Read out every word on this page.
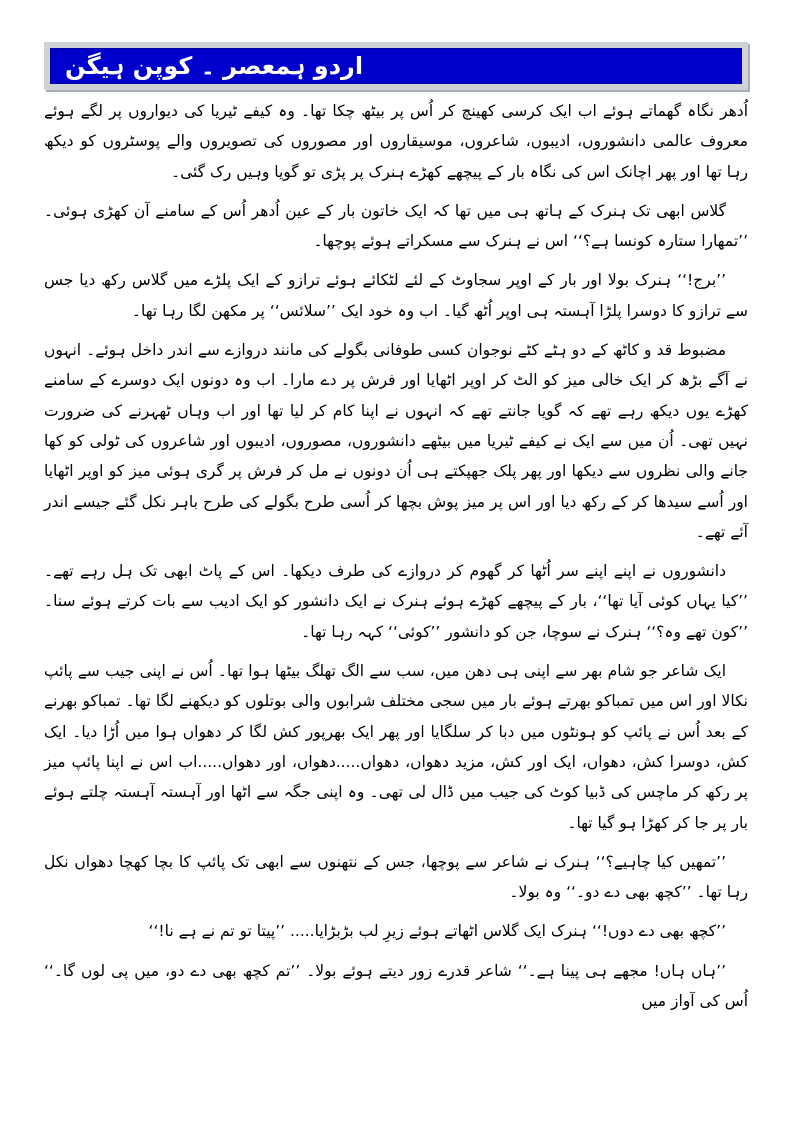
اردو ہمعصر ۔ کوپن ہیگن

اُدھر نگاہ گھماتے ہوئے اب ایک کرسی کھینچ کر اُس پر بیٹھ چکا تھا۔ وہ کیفے ٹیریا کی دیواروں پر لگے ہوئے معروف عالمی دانشوروں، ادیبوں، شاعروں، موسیقاروں اور مصوروں کی تصویروں والے پوسٹروں کو دیکھ رہا تھا اور پھر اچانک اس کی نگاہ بار کے پیچھے کھڑے ہنرک پر پڑی تو گویا وہیں رک گئی۔

گلاس ابھی تک ہنرک کے ہاتھ ہی میں تھا کہ ایک خاتون بار کے عین اُدھر اُس کے سامنے آن کھڑی ہوئی۔ ’’تمھارا ستارہ کونسا ہے؟‘‘ اس نے ہنرک سے مسکراتے ہوئے پوچھا۔

’’برج!‘‘ ہنرک بولا اور بار کے اوپر سجاوٹ کے لئے لٹکائے ہوئے ترازو کے ایک پلڑے میں گلاس رکھ دیا جس سے ترازو کا دوسرا پلڑا آہستہ ہی اوپر اُٹھ گیا۔ اب وہ خود ایک ’’سلائس‘‘ پر مکھن لگا رہا تھا۔

مضبوط قد و کاٹھ کے دو ہٹے کٹے نوجوان کسی طوفانی بگولے کی مانند دروازے سے اندر داخل ہوئے۔ انہوں نے آگے بڑھ کر ایک خالی میز کو الٹ کر اوپر اٹھایا اور فرش پر دے مارا۔ اب وہ دونوں ایک دوسرے کے سامنے کھڑے یوں دیکھ رہے تھے کہ گویا جانتے تھے کہ انہوں نے اپنا کام کر لیا تھا اور اب وہاں ٹھہرنے کی ضرورت نہیں تھی۔ اُن میں سے ایک نے کیفے ٹیریا میں بیٹھے دانشوروں، مصوروں، ادیبوں اور شاعروں کی ٹولی کو کھا جانے والی نظروں سے دیکھا اور پھر پلک جھپکتے ہی اُن دونوں نے مل کر فرش پر گری ہوئی میز کو اوپر اٹھایا اور اُسے سیدھا کر کے رکھ دیا اور اس پر میز پوش بچھا کر اُسی طرح بگولے کی طرح باہر نکل گئے جیسے اندر آئے تھے۔

دانشوروں نے اپنے اپنے سر اُٹھا کر گھوم کر دروازے کی طرف دیکھا۔ اس کے پاٹ ابھی تک ہل رہے تھے۔ ’’کیا یہاں کوئی آیا تھا‘‘، بار کے پیچھے کھڑے ہوئے ہنرک نے ایک دانشور کو ایک ادیب سے بات کرتے ہوئے سنا۔ ’’کون تھے وہ؟‘‘ ہنرک نے سوچا، جن کو دانشور ’’کوئی‘‘ کہہ رہا تھا۔

ایک شاعر جو شام بھر سے اپنی ہی دھن میں، سب سے الگ تھلگ بیٹھا ہوا تھا۔ اُس نے اپنی جیب سے پائپ نکالا اور اس میں تمباکو بھرتے ہوئے بار میں سجی مختلف شرابوں والی بوتلوں کو دیکھنے لگا تھا۔ تمباکو بھرنے کے بعد اُس نے پائپ کو ہونٹوں میں دبا کر سلگایا اور پھر ایک بھرپور کش لگا کر دھواں ہوا میں اُڑا دیا۔ ایک کش، دوسرا کش، دھواں، ایک اور کش، مزید دھواں، دھواں.....دھواں، اور دھواں.....اب اس نے اپنا پائپ میز پر رکھ کر ماچس کی ڈبیا کوٹ کی جیب میں ڈال لی تھی۔ وہ اپنی جگہ سے اٹھا اور آہستہ آہستہ چلتے ہوئے بار پر جا کر کھڑا ہو گیا تھا۔

’’تمھیں کیا چاہیے؟‘‘ ہنرک نے شاعر سے پوچھا، جس کے نتھنوں سے ابھی تک پائپ کا بچا کھچا دھواں نکل رہا تھا۔ ’’کچھ بھی دے دو۔‘‘ وہ بولا۔

’’کچھ بھی دے دوں!‘‘ ہنرک ایک گلاس اٹھاتے ہوئے زیرِ لب بڑبڑایا..... ’’پیتا تو تم نے ہے نا!‘‘

’’ہاں ہاں! مجھے ہی پینا ہے۔‘‘ شاعر قدرے زور دیتے ہوئے بولا۔ ’’تم کچھ بھی دے دو، میں پی لوں گا۔‘‘ اُس کی آواز میں
